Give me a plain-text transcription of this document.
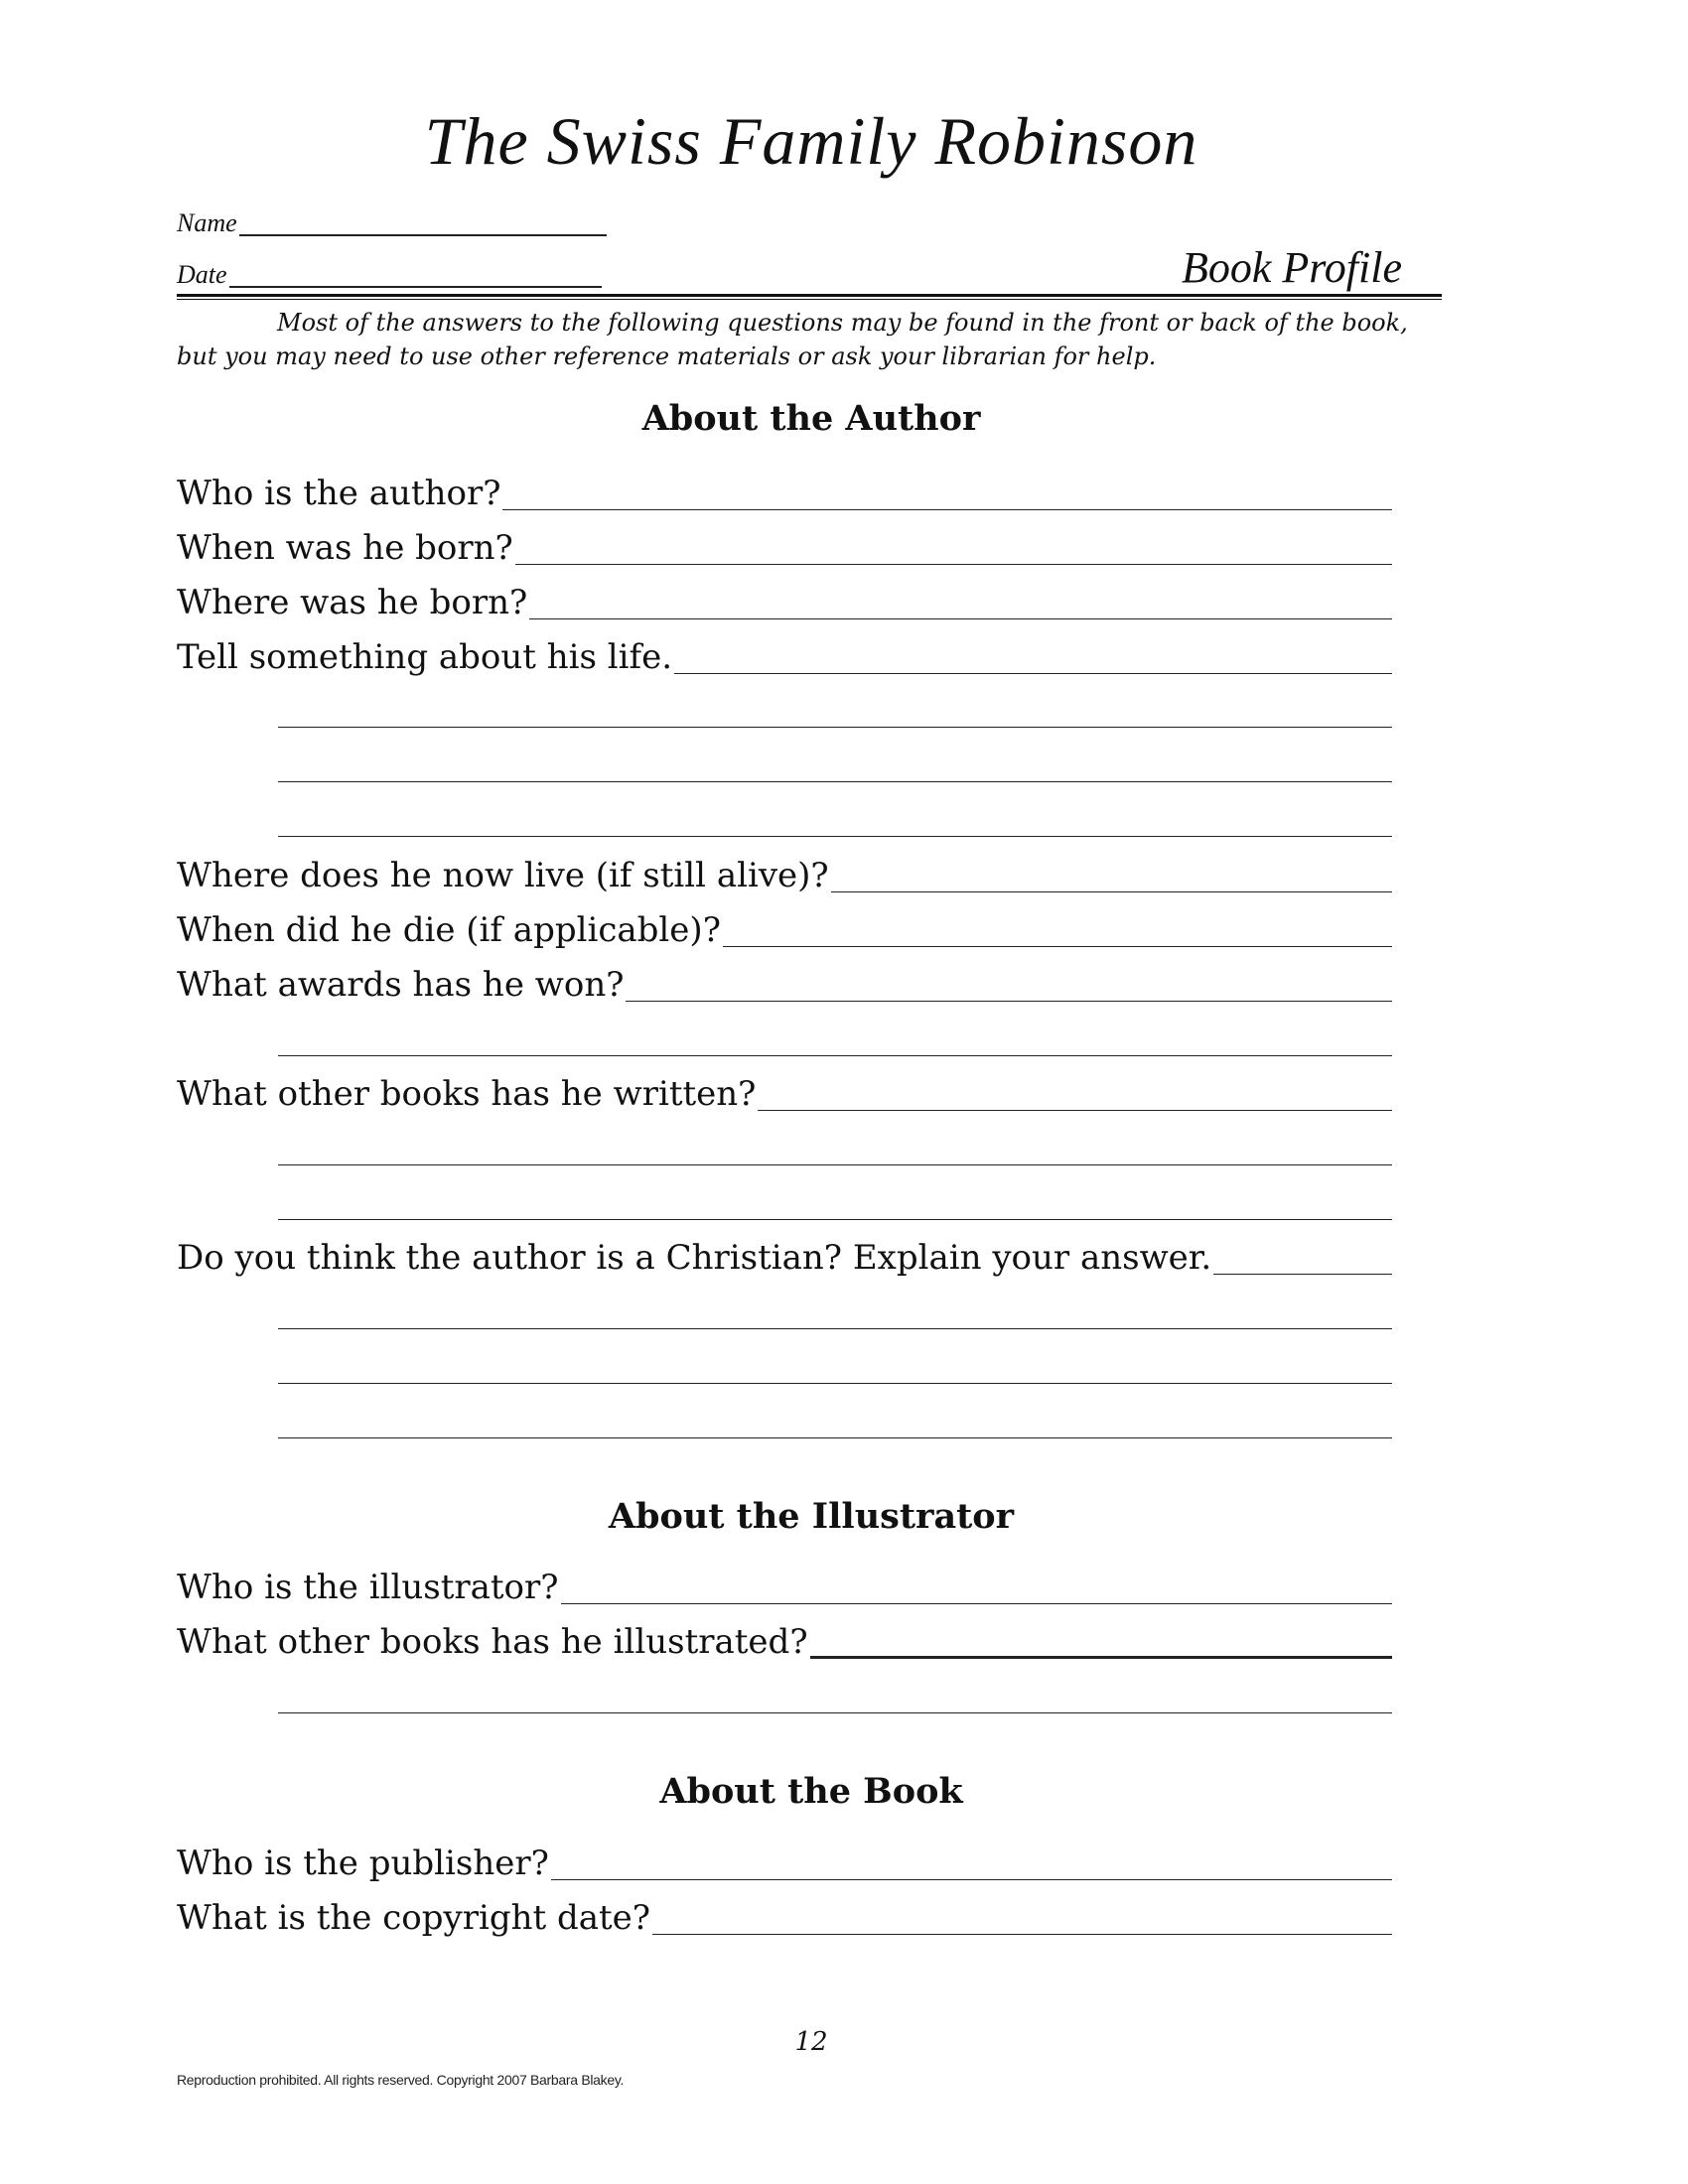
The Swiss Family Robinson
Name
Date	Book Profile
Most of the answers to the following questions may be found in the front or back of the book, but you may need to use other reference materials or ask your librarian for help.
About the Author
Who is the author?
When was he born?
Where was he born?
Tell something about his life.
Where does he now live (if still alive)?
When did he die (if applicable)?
What awards has he won?
What other books has he written?
Do you think the author is a Christian? Explain your answer.
About the Illustrator
Who is the illustrator?
What other books has he illustrated?
About the Book
Who is the publisher?
What is the copyright date?
12
Reproduction prohibited. All rights reserved. Copyright 2007 Barbara Blakey.
